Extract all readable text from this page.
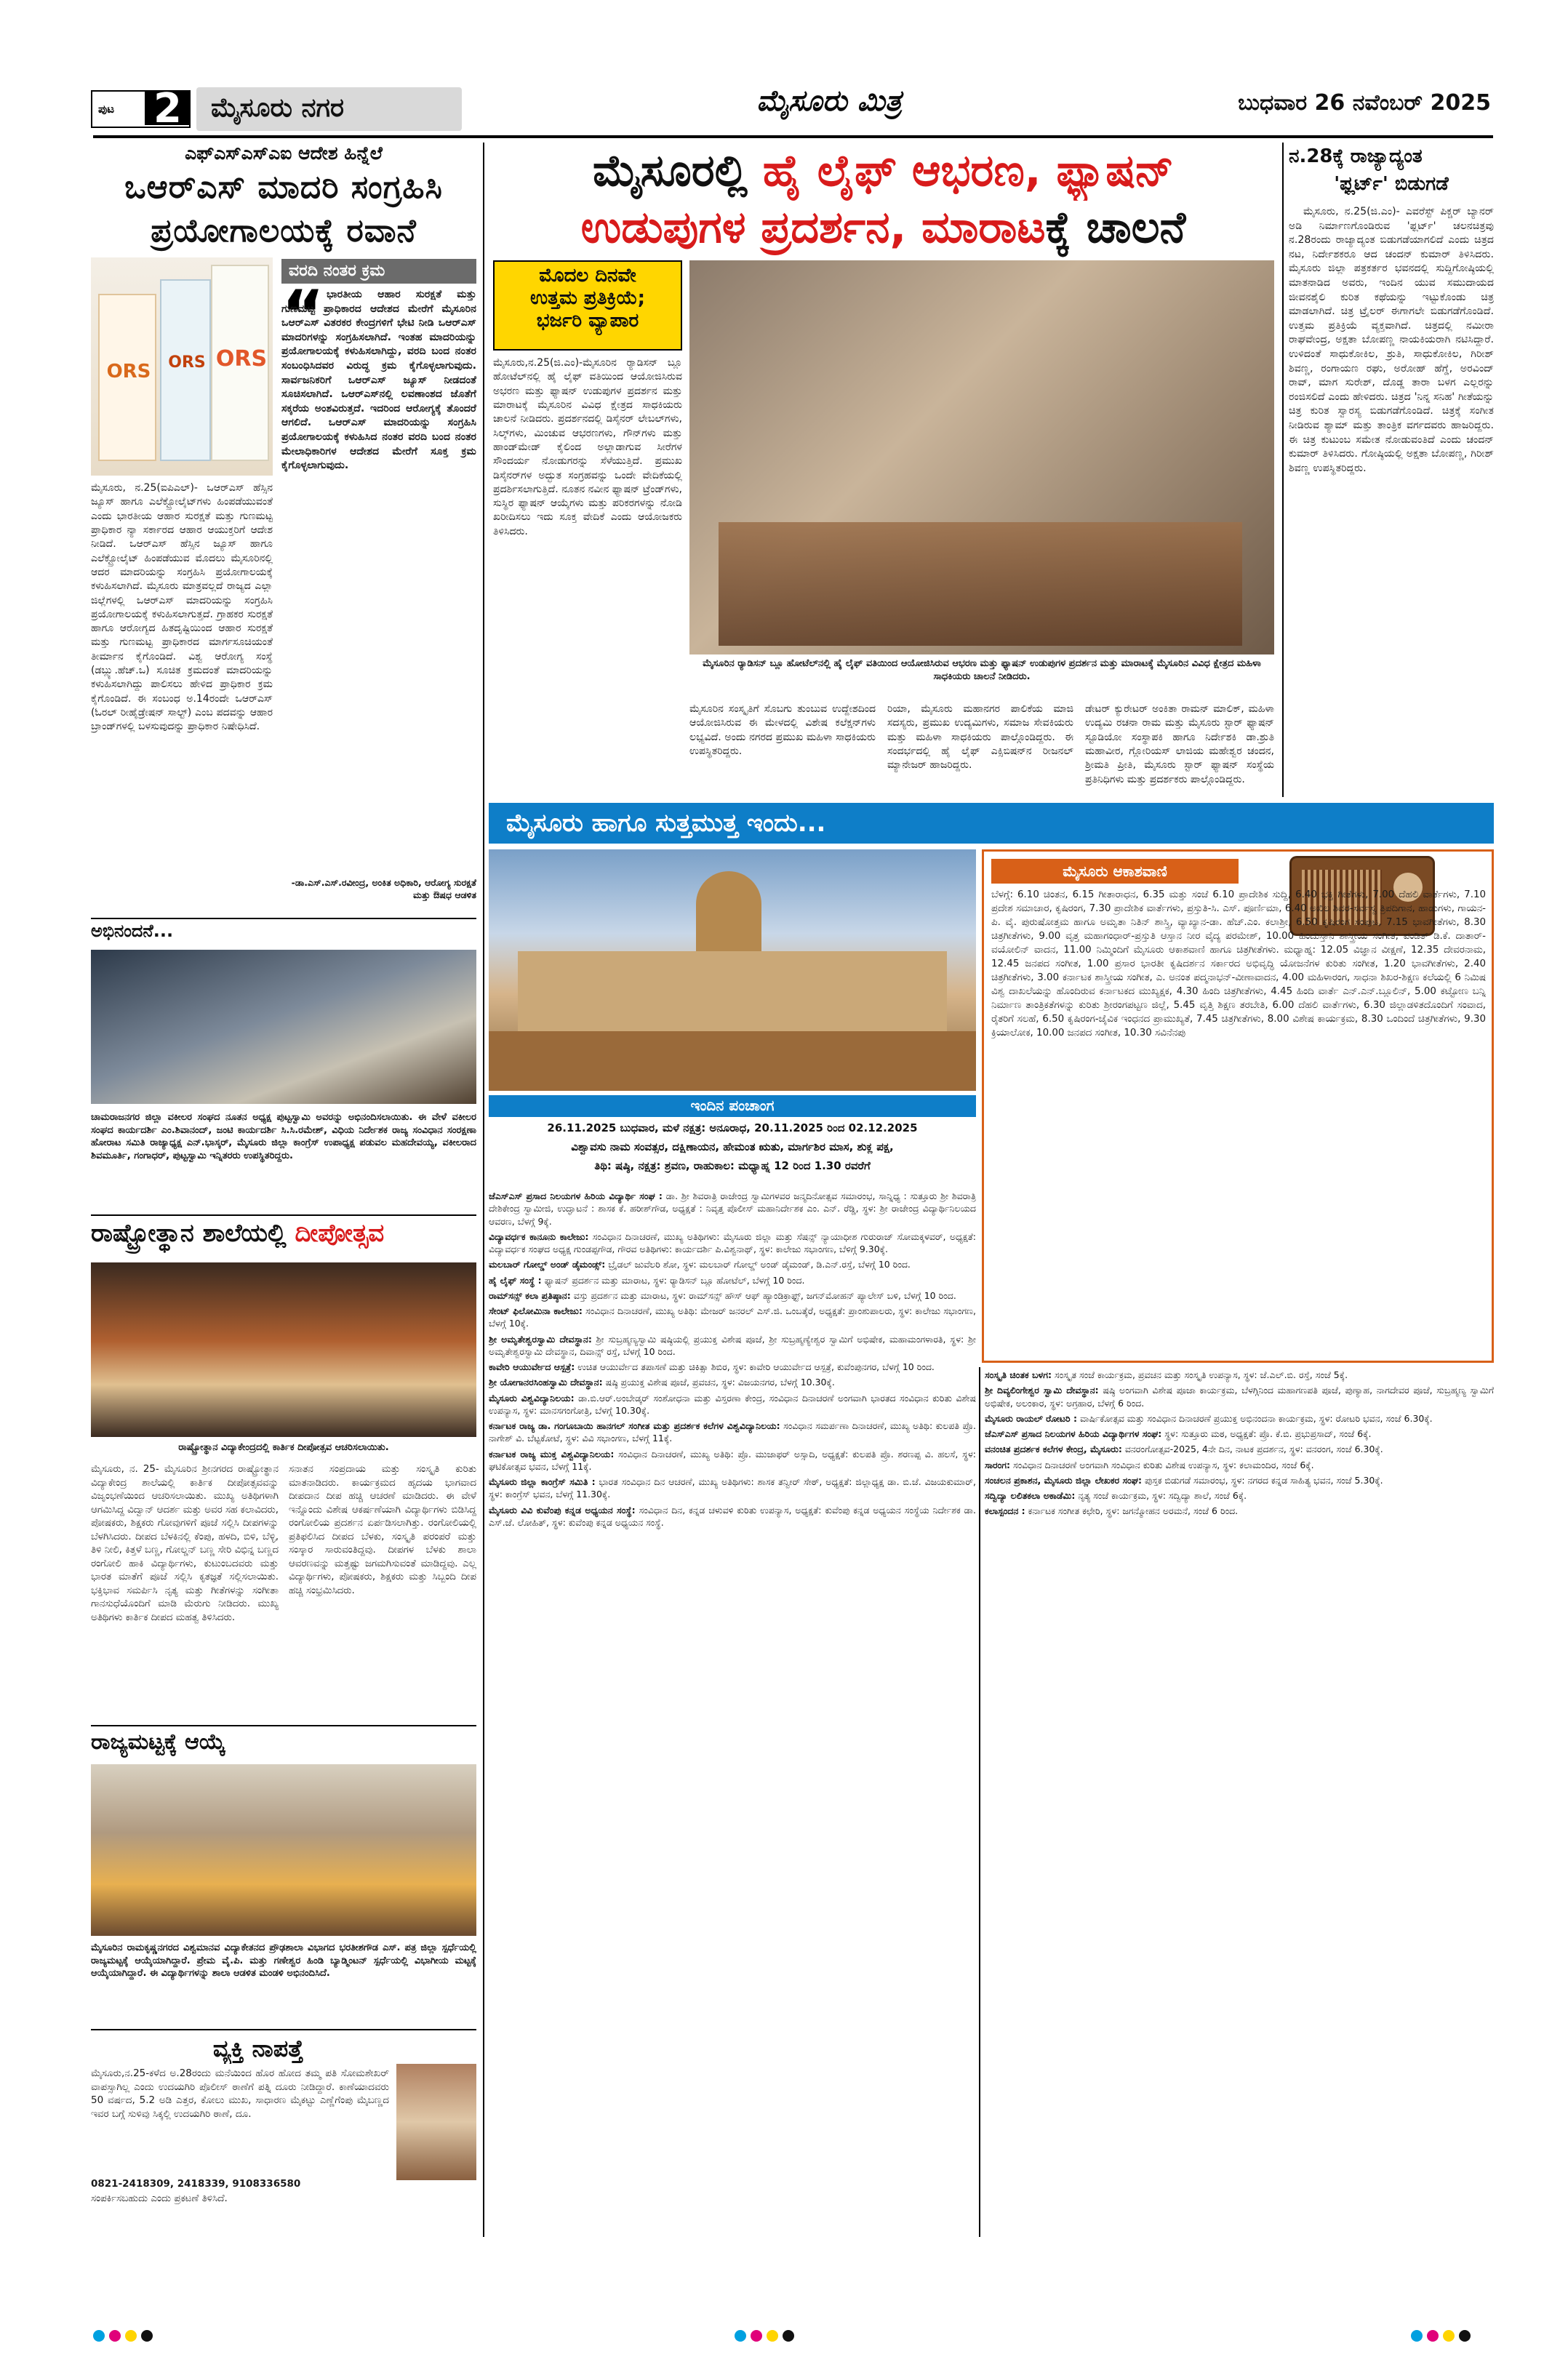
ಪುಟ 2	ಮೈಸೂರು ನಗರ	ಮೈಸೂರು ಮಿತ್ರ	ಬುಧವಾರ 26 ನವೆಂಬರ್ 2025
ಎಫ್‌ಎಸ್‌ಎಸ್‌ಎಐ ಆದೇಶ ಹಿನ್ನೆಲೆ
ಒಆರ್‌ಎಸ್ ಮಾದರಿ ಸಂಗ್ರಹಿಸಿ
ಪ್ರಯೋಗಾಲಯಕ್ಕೆ ರವಾನೆ
ORS	ORS ORS
ವರದಿ ನಂತರ ಕ್ರಮ
“ ಭಾರತೀಯ ಆಹಾರ ಸುರಕ್ಷತೆ ಮತ್ತು ಗುಣಮಟ್ಟ ಪ್ರಾಧಿಕಾರದ ಆದೇಶದ ಮೇರೆಗೆ ಮೈಸೂರಿನ ಒಆರ್‌ಎಸ್ ವಿತರಕರ ಕೇಂದ್ರಗಳಿಗೆ ಭೇಟಿ ನೀಡಿ ಒಆರ್‌ಎಸ್ ಮಾದರಿಗಳನ್ನು ಸಂಗ್ರಹಿಸಲಾಗಿದೆ. ಇಂತಹ ಮಾದರಿಯನ್ನು ಪ್ರಯೋಗಾಲಯಕ್ಕೆ ಕಳುಹಿಸಲಾಗಿದ್ದು, ವರದಿ ಬಂದ ನಂತರ ಸಂಬಂಧಿಸಿದವರ ವಿರುದ್ಧ ಕ್ರಮ ಕೈಗೊಳ್ಳಲಾಗುವುದು. ಸಾರ್ವಜನಿಕರಿಗೆ ಒಆರ್‌ಎಸ್ ಜ್ಯೂಸ್ ನೀಡದಂತೆ ಸೂಚಿಸಲಾಗಿದೆ. ಒಆರ್‌ಎಸ್‌ನಲ್ಲಿ ಲವಣಾಂಶದ ಜೊತೆಗೆ ಸಕ್ಕರೆಯ ಅಂಶವಿರುತ್ತದೆ. ಇದರಿಂದ ಆರೋಗ್ಯಕ್ಕೆ ತೊಂದರೆ ಆಗಲಿದೆ. ಒಆರ್‌ಎಸ್ ಮಾದರಿಯನ್ನು ಸಂಗ್ರಹಿಸಿ ಪ್ರಯೋಗಾಲಯಕ್ಕೆ ಕಳುಹಿಸಿದ ನಂತರ ವರದಿ ಬಂದ ನಂತರ ಮೇಲಾಧಿಕಾರಿಗಳ ಆದೇಶದ ಮೇರೆಗೆ ಸೂಕ್ತ ಕ್ರಮ ಕೈಗೊಳ್ಳಲಾಗುವುದು.
ಮೈಸೂರು, ನ.25(ಐಪಿಎಲ್)- ಒಆರ್‌ಎಸ್ ಹೆಸ್ಸಿನ ಜ್ಯೂಸ್ ಹಾಗೂ ಎಲೆಕ್ಟ್ರೋಲೈಟ್‌ಗಳು ಹಿಂಪಡೆಯುವಂತೆ ಎಂದು ಭಾರತೀಯ ಆಹಾರ ಸುರಕ್ಷತೆ ಮತ್ತು ಗುಣಮಟ್ಟ ಪ್ರಾಧಿಕಾರ ನ್ಯಾ ಸರ್ಕಾರದ ಆಹಾರ ಆಯುಕ್ತರಿಗೆ ಆದೇಶ ನೀಡಿದೆ. ಒಆರ್‌ಎಸ್ ಹೆಸ್ಸಿನ ಜ್ಯೂಸ್ ಹಾಗೂ ಎಲೆಕ್ಟ್ರೋಲೈಟ್ ಹಿಂಪಡೆಯುವ ಮೊದಲು ಮೈಸೂರಿನಲ್ಲಿ ಆದರ ಮಾದರಿಯನ್ನು ಸಂಗ್ರಹಿಸಿ ಪ್ರಯೋಗಾಲಯಕ್ಕೆ ಕಳುಹಿಸಲಾಗಿದೆ. ಮೈಸೂರು ಮಾತ್ರವಲ್ಲದೆ ರಾಜ್ಯದ ಎಲ್ಲಾ ಜಿಲ್ಲೆಗಳಲ್ಲಿ ಒಆರ್‌ಎಸ್ ಮಾದರಿಯನ್ನು ಸಂಗ್ರಹಿಸಿ ಪ್ರಯೋಗಾಲಯಕ್ಕೆ ಕಳುಹಿಸಲಾಗುತ್ತದೆ. ಗ್ರಾಹಕರ ಸುರಕ್ಷತೆ ಹಾಗೂ ಆರೋಗ್ಯದ ಹಿತದೃಷ್ಟಿಯಿಂದ ಆಹಾರ ಸುರಕ್ಷತೆ ಮತ್ತು ಗುಣಮಟ್ಟ ಪ್ರಾಧಿಕಾರದ ಮಾರ್ಗಸೂಚಿಯಂತೆ ತೀರ್ಮಾನ ಕೈಗೊಂಡಿದೆ. ವಿಶ್ವ ಆರೋಗ್ಯ ಸಂಸ್ಥೆ (ಡಬ್ಲ್ಯು.ಹೆಚ್.ಒ) ಸೂಚಿತ ಕ್ರಮದಂತೆ ಮಾದರಿಯನ್ನು ಕಳುಹಿಸಲಾಗಿದ್ದು ಪಾಲಿಸಲು ಹೇಳಿದ ಪ್ರಾಧಿಕಾರ ಕ್ರಮ ಕೈಗೊಂಡಿದೆ. ಈ ಸಂಬಂಧ ಅ.14ರಂದೇ ಒಆರ್‌ಎಸ್ (ಓರಲ್ ರೀಹೈಡ್ರೇಷನ್ ಸಾಲ್ಟ್) ಎಂಬ ಪದವನ್ನು ಆಹಾರ ಬ್ರಾಂಡ್‌ಗಳಲ್ಲಿ ಬಳಸುವುದನ್ನು ಪ್ರಾಧಿಕಾರ ನಿಷೇಧಿಸಿದೆ.
-ಡಾ.ಎಸ್.ಎಸ್.ರವೀಂದ್ರ, ಅಂಕಿತ ಅಧಿಕಾರಿ, ಆರೋಗ್ಯ ಸುರಕ್ಷತೆ ಮತ್ತು ಔಷಧ ಆಡಳಿತ
ಅಭಿನಂದನೆ...
ಚಾಮರಾಜನಗರ ಜಿಲ್ಲಾ ವಕೀಲರ ಸಂಘದ ನೂತನ ಅಧ್ಯಕ್ಷ ಪುಟ್ಟಸ್ವಾಮಿ ಅವರನ್ನು ಅಭಿನಂದಿಸಲಾಯಿತು. ಈ ವೇಳೆ ವಕೀಲರ ಸಂಘದ ಕಾರ್ಯದರ್ಶಿ ಎಂ.ಶಿವಾನಂದ್, ಜಂಟಿ ಕಾರ್ಯದರ್ಶಿ ಸಿ.ಸಿ.ರಮೇಶ್, ವಿಧಿಯ ನಿರ್ದೇಶಕ ರಾಜ್ಯ ಸಂವಿಧಾನ ಸಂರಕ್ಷಣಾ ಹೋರಾಟ ಸಮಿತಿ ರಾಜ್ಯಾಧ್ಯಕ್ಷ ಎನ್.ಭಾಸ್ಕರ್, ಮೈಸೂರು ಜಿಲ್ಲಾ ಕಾಂಗ್ರೆಸ್ ಉಪಾಧ್ಯಕ್ಷ ಪಡುವಲ ಮಹದೇವಯ್ಯ, ವಕೀಲರಾದ ಶಿವಮೂರ್ತಿ, ಗಂಗಾಧರ್, ಪುಟ್ಟಸ್ವಾಮಿ ಇನ್ನಿತರರು ಉಪಸ್ಥಿತರಿದ್ದರು.
ರಾಷ್ಟ್ರೋತ್ಥಾನ ಶಾಲೆಯಲ್ಲಿ ದೀಪೋತ್ಸವ
ರಾಷ್ಟ್ರೋತ್ಥಾನ ವಿದ್ಯಾಕೇಂದ್ರದಲ್ಲಿ ಕಾರ್ತಿಕ ದೀಪೋತ್ಸವ ಆಚರಿಸಲಾಯಿತು.
ಮೈಸೂರು, ನ. 25- ಮೈಸೂರಿನ ಶ್ರೀನಗರದ ರಾಷ್ಟ್ರೋತ್ಥಾನ ವಿದ್ಯಾಕೇಂದ್ರ ಶಾಲೆಯಲ್ಲಿ ಕಾರ್ತಿಕ ದೀಪೋತ್ಸವವನ್ನು ವಿಜೃಂಭಣೆಯಿಂದ ಆಚರಿಸಲಾಯಿತು. ಮುಖ್ಯ ಅತಿಥಿಗಳಾಗಿ ಆಗಮಿಸಿದ್ದ ವಿದ್ವಾನ್ ಆದರ್ಶ ಮತ್ತು ಅವರ ಸಹ ಕಲಾವಿದರು, ಪೋಷಕರು, ಶಿಕ್ಷಕರು ಗೋವುಗಳಿಗೆ ಪೂಜೆ ಸಲ್ಲಿಸಿ ದೀಪಗಳನ್ನು ಬೆಳಗಿಸಿದರು. ದೀಪದ ಬೆಳಕಿನಲ್ಲಿ ಕೆಂಪು, ಹಳದಿ, ಬಿಳಿ, ಬೆಳ್ಳಿ, ತಿಳಿ ನೀಲಿ, ಕಿತ್ತಳೆ ಬಣ್ಣ, ಗೋಲ್ಡನ್ ಬಣ್ಣ ಸೇರಿ ವಿಭಿನ್ನ ಬಣ್ಣದ ರಂಗೋಲಿ ಹಾಕಿ ವಿದ್ಯಾರ್ಥಿಗಳು, ಕುಟುಂಬದವರು ಮತ್ತು ಭಾರತ ಮಾತೆಗೆ ಪೂಜೆ ಸಲ್ಲಿಸಿ ಕೃತಜ್ಞತೆ ಸಲ್ಲಿಸಲಾಯಿತು. ಭಕ್ತಿಭಾವ ಸಮರ್ಪಿಸಿ ನೃತ್ಯ ಮತ್ತು ಗೀತೆಗಳನ್ನು ಸಂಗೀತಾ ಗಾನಸುಧೆಯೊಂದಿಗೆ ಮಾಡಿ ಮೆರುಗು ನೀಡಿದರು. ಮುಖ್ಯ ಅತಿಥಿಗಳು ಕಾರ್ತಿಕ ದೀಪದ ಮಹತ್ವ ತಿಳಿಸಿದರು.
ಸನಾತನ ಸಂಪ್ರದಾಯ ಮತ್ತು ಸಂಸ್ಕೃತಿ ಕುರಿತು ಮಾತನಾಡಿದರು. ಕಾರ್ಯಕ್ರಮದ ಹೃದಯ ಭಾಗವಾದ ದೀಪದಾನ ದೀಪ ಹಚ್ಚಿ ಆಚರಣೆ ಮಾಡಿದರು. ಈ ವೇಳೆ ಇನ್ನೊಂದು ವಿಶೇಷ ಆಕರ್ಷಣೆಯಾಗಿ ವಿದ್ಯಾರ್ಥಿಗಳು ಬಿಡಿಸಿದ್ದ ರಂಗೋಲಿಯ ಪ್ರದರ್ಶನ ಏರ್ಪಡಿಸಲಾಗಿತ್ತು. ರಂಗೋಲಿಯಲ್ಲಿ ಪ್ರತಿಫಲಿಸಿದ ದೀಪದ ಬೆಳಕು, ಸಂಸ್ಕೃತಿ ಪರಂಪರೆ ಮತ್ತು ಸಂಸ್ಕಾರ ಸಾರುವಂತಿದ್ದವು. ದೀಪಗಳ ಬೆಳಕು ಶಾಲಾ ಆವರಣವನ್ನು ಮತ್ತಷ್ಟು ಜಗಮಗಿಸುವಂತೆ ಮಾಡಿದ್ದವು. ಎಲ್ಲ ವಿದ್ಯಾರ್ಥಿಗಳು, ಪೋಷಕರು, ಶಿಕ್ಷಕರು ಮತ್ತು ಸಿಬ್ಬಂದಿ ದೀಪ ಹಚ್ಚಿ ಸಂಭ್ರಮಿಸಿದರು.
ರಾಜ್ಯಮಟ್ಟಕ್ಕೆ ಆಯ್ಕೆ
ಮೈಸೂರಿನ ರಾಮಕೃಷ್ಣನಗರದ ವಿಶ್ವಮಾನವ ವಿದ್ಯಾಕೇತನದ ಪ್ರೌಢಶಾಲಾ ವಿಭಾಗದ ಭರತೀಶಗೌಡ ಎಸ್. ಪತ್ರ ಜಿಲ್ಲಾ ಸ್ಪರ್ಧೆಯಲ್ಲಿ ರಾಜ್ಯಮಟ್ಟಕ್ಕೆ ಆಯ್ಕೆಯಾಗಿದ್ದಾರೆ. ಪ್ರೇಮ ವೈ.ಪಿ. ಮತ್ತು ಗಣೇಶ್ವರ ಹಿಂಡಿ ಬ್ಯಾಡ್ಮಿಂಟನ್ ಸ್ಪರ್ಧೆಯಲ್ಲಿ ವಿಭಾಗೀಯ ಮಟ್ಟಕ್ಕೆ ಆಯ್ಕೆಯಾಗಿದ್ದಾರೆ. ಈ ವಿದ್ಯಾರ್ಥಿಗಳನ್ನು ಶಾಲಾ ಆಡಳಿತ ಮಂಡಳಿ ಅಭಿನಂದಿಸಿದೆ.
ವ್ಯಕ್ತಿ ನಾಪತ್ತೆ
ಮೈಸೂರು,ನ.25-ಕಳೆದ ಅ.28ರಂದು ಮನೆಯಿಂದ ಹೊರ ಹೋದ ತಮ್ಮ ಪತಿ ಸೋಮಶೇಖರ್ ವಾಪಸ್ಸಾಗಿಲ್ಲ ಎಂದು ಉದಯಗಿರಿ ಪೊಲೀಸ್ ಠಾಣೆಗೆ ಪತ್ನಿ ದೂರು ನೀಡಿದ್ದಾರೆ. ಕಾಣೆಯಾದವರು 50 ವರ್ಷದ, 5.2 ಅಡಿ ಎತ್ತರ, ಕೋಲು ಮುಖ, ಸಾಧಾರಣ ಮೈಕಟ್ಟು ಎಣ್ಣೆಗೆಂಪು ಮೈಬಣ್ಣದ ಇವರ ಬಗ್ಗೆ ಸುಳಿವು ಸಿಕ್ಕಲ್ಲಿ ಉದಯಗಿರಿ ಠಾಣೆ, ದೂ.
0821-2418309, 2418339, 9108336580
ಸಂಪರ್ಕಿಸಬಹುದು ಎಂದು ಪ್ರಕಟಣೆ ತಿಳಿಸಿದೆ.
ಮೈಸೂರಲ್ಲಿ ಹೈ ಲೈಫ್ ಆಭರಣ, ಫ್ಯಾಷನ್
ಉಡುಪುಗಳ ಪ್ರದರ್ಶನ, ಮಾರಾಟಕ್ಕೆ ಚಾಲನೆ
ಮೊದಲ ದಿನವೇ
ಉತ್ತಮ ಪ್ರತಿಕ್ರಿಯೆ;
ಭರ್ಜರಿ ವ್ಯಾಪಾರ
ಮೈಸೂರು,ನ.25(ಜಿ.ಎಂ)-ಮೈಸೂರಿನ ರ‍್ಯಾಡಿಸನ್ ಬ್ಲೂ ಹೋಟೆಲ್‌ನಲ್ಲಿ ಹೈ ಲೈಫ್ ವತಿಯಿಂದ ಆಯೋಜಿಸಿರುವ ಅಭರಣ ಮತ್ತು ಫ್ಯಾಷನ್ ಉಡುಪುಗಳ ಪ್ರದರ್ಶನ ಮತ್ತು ಮಾರಾಟಕ್ಕೆ ಮೈಸೂರಿನ ವಿವಿಧ ಕ್ಷೇತ್ರದ ಸಾಧಕಿಯರು ಚಾಲನೆ ನೀಡಿದರು. ಪ್ರದರ್ಶನದಲ್ಲಿ ಡಿಸೈನರ್ ಲೇಬಲ್‌ಗಳು, ಸಿಲ್ಕ್‌ಗಳು, ಮಿಂಚುವ ಆಭರಣಗಳು, ಗೌನ್‌ಗಳು ಮತ್ತು ಹಾಂಡ್‌ಮೇಡ್ ಕೈಲಿಂದ ಅಲ್ಲಾಡಾಗುವ ಸೀರೆಗಳ ಸೌಂದರ್ಯ ನೋಡುಗರನ್ನು ಸೆಳೆಯುತ್ತಿದೆ. ಪ್ರಮುಖ ಡಿಸೈನರ್‌ಗಳ ಅದ್ಭುತ ಸಂಗ್ರಹವನ್ನು ಒಂದೇ ವೇದಿಕೆಯಲ್ಲಿ ಪ್ರದರ್ಶಿಸಲಾಗುತ್ತಿದೆ. ನೂತನ ನವೀನ ಫ್ಯಾಷನ್ ಟ್ರೆಂಡ್‌ಗಳು, ಸುಸ್ಥಿರ ಫ್ಯಾಷನ್ ಆಯ್ಕೆಗಳು ಮತ್ತು ಪರಿಕರಗಳನ್ನು ನೋಡಿ ಖರೀದಿಸಲು ಇದು ಸೂಕ್ತ ವೇದಿಕೆ ಎಂದು ಆಯೋಜಕರು ತಿಳಿಸಿದರು.
ಮೈಸೂರಿನ ರ‍್ಯಾಡಿಸನ್ ಬ್ಲೂ ಹೋಟೆಲ್‌ನಲ್ಲಿ ಹೈ ಲೈಫ್ ವತಿಯಿಂದ ಆಯೋಜಿಸಿರುವ ಆಭರಣ ಮತ್ತು ಫ್ಯಾಷನ್ ಉಡುಪುಗಳ ಪ್ರದರ್ಶನ ಮತ್ತು ಮಾರಾಟಕ್ಕೆ ಮೈಸೂರಿನ ವಿವಿಧ ಕ್ಷೇತ್ರದ ಮಹಿಳಾ ಸಾಧಕಿಯರು ಚಾಲನೆ ನೀಡಿದರು.
ಮೈಸೂರಿನ ಸಂಸ್ಕೃತಿಗೆ ಸೊಬಗು ತುಂಬುವ ಉದ್ದೇಶದಿಂದ ಆಯೋಜಿಸಿರುವ ಈ ಮೇಳದಲ್ಲಿ ವಿಶೇಷ ಕಲೆಕ್ಷನ್‌ಗಳು ಲಭ್ಯವಿದೆ. ಅಂದು ನಗರದ ಪ್ರಮುಖ ಮಹಿಳಾ ಸಾಧಕಿಯರು ಉಪಸ್ಥಿತರಿದ್ದರು.
ರಿಯಾ, ಮೈಸೂರು ಮಹಾನಗರ ಪಾಲಿಕೆಯ ಮಾಜಿ ಸದಸ್ಯರು, ಪ್ರಮುಖ ಉದ್ಯಮಿಗಳು, ಸಮಾಜ ಸೇವಕಿಯರು ಮತ್ತು ಮಹಿಳಾ ಸಾಧಕಿಯರು ಪಾಲ್ಗೊಂಡಿದ್ದರು. ಈ ಸಂದರ್ಭದಲ್ಲಿ ಹೈ ಲೈಫ್ ಎಕ್ಸಿಬಿಷನ್‌ನ ರೀಜನಲ್ ಮ್ಯಾನೇಜರ್ ಹಾಜರಿದ್ದರು.
ಡೇಟರ್ ಕ್ಯುರೇಟರ್ ಅಂಕಿತಾ ರಾಮನ್ ಮಾಲಿಕ್, ಮಹಿಳಾ ಉದ್ಯಮಿ ರಚನಾ ರಾಮ ಮತ್ತು ಮೈಸೂರು ಸ್ಟಾರ್ ಫ್ಯಾಷನ್ ಸ್ಟೂಡಿಯೋ ಸಂಸ್ಥಾಪಕಿ ಹಾಗೂ ನಿರ್ದೇಶಕಿ ಡಾ.ಶ್ರುತಿ ಮಹಾವೀರ, ಗ್ಲೋರಿಯಸ್ ಲಾಜಿಯ ಮಹೇಶ್ವರ ಚಂದನ, ಶ್ರೀಮತಿ ಪ್ರೀತಿ, ಮೈಸೂರು ಸ್ಟಾರ್ ಫ್ಯಾಷನ್ ಸಂಸ್ಥೆಯ ಪ್ರತಿನಿಧಿಗಳು ಮತ್ತು ಪ್ರದರ್ಶಕರು ಪಾಲ್ಗೊಂಡಿದ್ದರು.
ನ.28ಕ್ಕೆ ರಾಜ್ಯಾದ್ಯಂತ
'ಫ್ಲರ್ಟ್' ಬಿಡುಗಡೆ
ಮೈಸೂರು, ನ.25(ಜಿ.ಎಂ)- ಎವರೆಸ್ಟ್ ಪಿಕ್ಚರ್ ಬ್ಯಾನರ್ ಅಡಿ ನಿರ್ಮಾಣಗೊಂಡಿರುವ 'ಫ್ಲರ್ಟ್' ಚಲನಚಿತ್ರವು ನ.28ರಂದು ರಾಜ್ಯಾದ್ಯಂತ ಬಿಡುಗಡೆಯಾಗಲಿದೆ ಎಂದು ಚಿತ್ರದ ನಟ, ನಿರ್ದೇಶಕರೂ ಆದ ಚಂದನ್ ಕುಮಾರ್ ತಿಳಿಸಿದರು. ಮೈಸೂರು ಜಿಲ್ಲಾ ಪತ್ರಕರ್ತರ ಭವನದಲ್ಲಿ ಸುದ್ದಿಗೋಷ್ಠಿಯಲ್ಲಿ ಮಾತನಾಡಿದ ಅವರು, ಇಂದಿನ ಯುವ ಸಮುದಾಯದ ಜೀವನಶೈಲಿ ಕುರಿತ ಕಥೆಯನ್ನು ಇಟ್ಟುಕೊಂಡು ಚಿತ್ರ ಮಾಡಲಾಗಿದೆ. ಚಿತ್ರ ಟ್ರೈಲರ್ ಈಗಾಗಲೇ ಬಿಡುಗಡೆಗೊಂಡಿದೆ. ಉತ್ತಮ ಪ್ರತಿಕ್ರಿಯೆ ವ್ಯಕ್ತವಾಗಿದೆ. ಚಿತ್ರದಲ್ಲಿ ನಮೀರಾ ರಾಘವೇಂದ್ರ, ಅಕ್ಷತಾ ಬೋಪಣ್ಣ ನಾಯಕಿಯರಾಗಿ ನಟಿಸಿದ್ದಾರೆ. ಉಳಿದಂತೆ ಸಾಧುಕೋಕಿಲ, ಶ್ರುತಿ, ಸಾಧುಕೋಕಿಲ, ಗಿರೀಶ್ ಶಿವಣ್ಣ, ರಂಗಾಯಣ ರಘು, ಅರೋಹ್ ಹೆಗ್ಡೆ, ಅರವಿಂದ್ ರಾವ್, ಮಾಗ ಸುರೇಶ್, ದೊಡ್ಡ ತಾರಾ ಬಳಗ ಎಲ್ಲರನ್ನು ರಂಜಿಸಲಿದೆ ಎಂದು ಹೇಳಿದರು. ಚಿತ್ರದ 'ನಿನ್ನ ಸನಿಹ' ಗೀತೆಯನ್ನು ಚಿತ್ರ ಕುರಿತ ಸ್ವಾರಸ್ಯ ಬಿಡುಗಡೆಗೊಂಡಿದೆ. ಚಿತ್ರಕ್ಕೆ ಸಂಗೀತ ನೀಡಿರುವ ಶ್ಯಾಮ್ ಮತ್ತು ತಾಂತ್ರಿಕ ವರ್ಗದವರು ಹಾಜರಿದ್ದರು. ಈ ಚಿತ್ರ ಕುಟುಂಬ ಸಮೇತ ನೋಡುವಂತಿದೆ ಎಂದು ಚಂದನ್ ಕುಮಾರ್ ತಿಳಿಸಿದರು. ಗೋಷ್ಠಿಯಲ್ಲಿ ಅಕ್ಷತಾ ಬೋಪಣ್ಣ, ಗಿರೀಶ್ ಶಿವಣ್ಣ ಉಪಸ್ಥಿತರಿದ್ದರು.
ಮೈಸೂರು ಹಾಗೂ ಸುತ್ತಮುತ್ತ ಇಂದು...
ಇಂದಿನ ಪಂಚಾಂಗ
26.11.2025 ಬುಧವಾರ, ಮಳೆ ನಕ್ಷತ್ರ: ಅನೂರಾಧ, 20.11.2025 ರಿಂದ 02.12.2025
ವಿಶ್ವಾವಸು ನಾಮ ಸಂವತ್ಸರ, ದಕ್ಷಿಣಾಯನ, ಹೇಮಂತ ಋತು, ಮಾರ್ಗಶಿರ ಮಾಸ, ಶುಕ್ಲ ಪಕ್ಷ,
ತಿಥಿ: ಷಷ್ಠಿ, ನಕ್ಷತ್ರ: ಶ್ರವಣ, ರಾಹುಕಾಲ: ಮಧ್ಯಾಹ್ನ 12 ರಿಂದ 1.30 ರವರೆಗೆ
ಮೈಸೂರು ಆಕಾಶವಾಣಿ
ಬೆಳಗ್ಗೆ: 6.10 ಚಿಂತನ, 6.15 ಗೀತಾರಾಧನ, 6.35 ಮತ್ತು ಸಂಜೆ 6.10 ಪ್ರಾದೇಶಿಕ ಸುದ್ದಿ, 6.40 ಭಕ್ತಿ ಗೀತೆಗಳು, 7.00 ದೆಹಲಿ ವಾರ್ತೆಗಳು, 7.10 ಪ್ರದೇಶ ಸಮಾಚಾರ, ಕೃಷಿರಂಗ, 7.30 ಪ್ರಾದೇಶಿಕ ವಾರ್ತೆಗಳು, ಪ್ರಸ್ತುತಿ-ಸಿ. ಎಸ್. ಪೂರ್ಣಿಮಾ, 6.40 ಅಖಿಲ ಶಿವರ-ಸರ್ವಸ್ವ ತ್ರಿಪದಿಗಾನ, ಹಾಡುಗಳು, ಗಾಯನ-ಪಿ. ವೈ. ಪುರುಷೋತ್ತಮ ಹಾಗೂ ಅಮೃತಾ ನಿತಿನ್ ಶಾಸ್ತ್ರಿ, ವ್ಯಾಖ್ಯಾನ-ಡಾ. ಹೆಚ್.ಎಂ. ಕಲಾಶ್ರೀ, 6.50 ಕೃಷಿರಂಗ ಸಂಪುಟ, 7.15 ಭಾವಗೀತೆಗಳು, 8.30 ಚಿತ್ರಗೀತೆಗಳು, 9.00 ವೃತ್ತ ಮಹಾಗಂಧಾರ್-ಪ್ರಸ್ತುತಿ ಆಸ್ತಾನ ನೀರ ವೈದ್ಯ ಪರಮೇಶ್, 10.00 ಹಿಂದುಸ್ತಾನಿ ಶಾಸ್ತ್ರೀಯ ಸಂಗೀತ, ಪಂಡಿತ್ ಡಿ.ಕೆ. ದಾತಾರ್-ವಯೋಲಿನ್ ವಾದನ, 11.00 ನಿಮ್ಮಿಂದಿಗೆ ಮೈಸೂರು ಆಕಾಶವಾಣಿ ಹಾಗೂ ಚಿತ್ರಗೀತೆಗಳು. ಮಧ್ಯಾಹ್ನ: 12.05 ವಿಜ್ಞಾನ ವೀಕ್ಷಣೆ, 12.35 ದೇವರನಾಮ, 12.45 ಜನಪದ ಸಂಗೀತ, 1.00 ಪ್ರಸಾರ ಭಾರತೀ ಕೃಷಿದರ್ಶನ ಸರ್ಕಾರದ ಅಭಿವೃದ್ಧಿ ಯೋಜನೆಗಳ ಕುರಿತು ಸಂಗೀತ, 1.20 ಭಾವಗೀತೆಗಳು, 2.40 ಚಿತ್ರಗೀತೆಗಳು, 3.00 ಕರ್ನಾಟಕ ಶಾಸ್ತ್ರೀಯ ಸಂಗೀತ, ಎ. ಅನಂತ ಪದ್ಮನಾಭನ್-ವೀಣಾವಾದನ, 4.00 ಮಹಿಳಾರಂಗ, ಸಾಧನಾ ಶಿಖರ-ಶಿಕ್ಷಣ ಕಲೆಯಲ್ಲಿ 6 ನಿಮಿಷ ವಿಶ್ವ ದಾಖಲೆಯನ್ನು ಹೊಂದಿರುವ ಕರ್ನಾಟಕದ ಮುಖ್ಯಕ್ಷಕ, 4.30 ಹಿಂದಿ ಚಿತ್ರಗೀತೆಗಳು, 4.45 ಹಿಂದಿ ವಾರ್ತೆ ಎನ್.ಎನ್.ಬ್ಲೂಲಿನ್, 5.00 ಕಟ್ಟೋಣ ಬನ್ನಿ ನಿರ್ಮಾಣ ತಾಂತ್ರಿಕತೆಗಳನ್ನು ಕುರಿತು ಶ್ರೀರಂಗಪಟ್ಟಣ ಜಿಲ್ಲೆ, 5.45 ವೃತ್ತಿ ಶಿಕ್ಷಣ ತರಬೇತಿ, 6.00 ದೆಹಲಿ ವಾರ್ತೆಗಳು, 6.30 ಜಿಲ್ಲಾಡಳಿತದೊಂದಿಗೆ ಸಂವಾದ, ರೈತರಿಗೆ ಸಲಹೆ, 6.50 ಕೃಷಿರಂಗ-ಜೈವಿಕ ಇಂಧನದ ಪ್ರಾಮುಖ್ಯತೆ, 7.45 ಚಿತ್ರಗೀತೆಗಳು, 8.00 ವಿಶೇಷ ಕಾರ್ಯಕ್ರಮ, 8.30 ಒಂದಿಂದೆ ಚಿತ್ರಗೀತೆಗಳು, 9.30 ಕ್ರಿಯಾಲೋಕ, 10.00 ಜನಪದ ಸಂಗೀತ, 10.30 ಸವಿನೆನಪು
ಜೆಎಸ್‌ಎಸ್ ಪ್ರಸಾದ ನಿಲಯಗಳ ಹಿರಿಯ ವಿದ್ಯಾರ್ಥಿ ಸಂಘ : ಡಾ. ಶ್ರೀ ಶಿವರಾತ್ರಿ ರಾಜೇಂದ್ರ ಸ್ವಾಮಿಗಳವರ ಜನ್ಮದಿನೋತ್ಸವ ಸಮಾರಂಭ, ಸಾನ್ನಿಧ್ಯ : ಸುತ್ತೂರು ಶ್ರೀ ಶಿವರಾತ್ರಿ ದೇಶಿಕೇಂದ್ರ ಸ್ವಾಮೀಜಿ, ಉದ್ಘಾಟನೆ : ಶಾಸಕ ಕೆ. ಹರೀಶ್‌ಗೌಡ, ಅಧ್ಯಕ್ಷತೆ : ನಿವೃತ್ತ ಪೊಲೀಸ್ ಮಹಾನಿರ್ದೇಶಕ ಎಂ. ಎನ್. ರೆಡ್ಡಿ, ಸ್ಥಳ: ಶ್ರೀ ರಾಜೇಂದ್ರ ವಿದ್ಯಾರ್ಥಿನಿಲಯದ ಆವರಣ, ಬೆಳಗ್ಗೆ 9ಕ್ಕೆ.
ವಿದ್ಯಾವರ್ಧಕ ಕಾನೂನು ಕಾಲೇಜು: ಸಂವಿಧಾನ ದಿನಾಚರಣೆ, ಮುಖ್ಯ ಅತಿಥಿಗಳು: ಮೈಸೂರು ಜಿಲ್ಲಾ ಮತ್ತು ಸೆಷನ್ಸ್ ನ್ಯಾಯಾಧೀಶ ಗುರುರಾಜ್ ಸೋಮಕ್ಕಳವರ್, ಅಧ್ಯಕ್ಷತೆ: ವಿದ್ಯಾವರ್ಧಕ ಸಂಘದ ಅಧ್ಯಕ್ಷ ಗುಂಡಪ್ಪಗೌಡ, ಗೌರವ ಅತಿಥಿಗಳು: ಕಾರ್ಯದರ್ಶಿ ಪಿ.ವಿಶ್ವನಾಥ್, ಸ್ಥಳ: ಕಾಲೇಜು ಸಭಾಂಗಣ, ಬೆಳಿಗ್ಗೆ 9.30ಕ್ಕೆ.
ಮಲಬಾರ್ ಗೋಲ್ಡ್ ಅಂಡ್ ಡೈಮಂಡ್ಸ್: ಬ್ರೈಡಲ್ ಜುವೆಲರಿ ಶೋ, ಸ್ಥಳ: ಮಲಬಾರ್ ಗೋಲ್ಡ್ ಅಂಡ್ ಡೈಮಂಡ್, ಡಿ.ಎನ್.ರಸ್ತೆ, ಬೆಳಗ್ಗೆ 10 ರಿಂದ.
ಹೈ ಲೈಫ್ ಸಂಸ್ಥೆ : ಫ್ಯಾಷನ್ ಪ್ರದರ್ಶನ ಮತ್ತು ಮಾರಾಟ, ಸ್ಥಳ: ರ‍್ಯಾಡಿಸನ್ ಬ್ಲೂ ಹೋಟೆಲ್, ಬೆಳಗ್ಗೆ 10 ರಿಂದ.
ರಾಮ್‌ಸನ್ಸ್ ಕಲಾ ಪ್ರತಿಷ್ಠಾನ: ವಸ್ತು ಪ್ರದರ್ಶನ ಮತ್ತು ಮಾರಾಟ, ಸ್ಥಳ: ರಾಮ್‌ಸನ್ಸ್ ಹೌಸ್ ಆಫ್ ಹ್ಯಾಂಡಿಕ್ರಾಫ್ಟ್, ಜಗನ್‌ಮೋಹನ್ ಪ್ಯಾಲೇಸ್ ಬಳಿ, ಬೆಳಗ್ಗೆ 10 ರಿಂದ.
ಸೇಂಟ್ ಫಿಲೋಮಿನಾ ಕಾಲೇಜು: ಸಂವಿಧಾನ ದಿನಾಚರಣೆ, ಮುಖ್ಯ ಅತಿಥಿ: ಮೇಜರ್ ಜನರಲ್ ಎಸ್.ಜಿ. ಒಂಬತ್ಕೆರೆ, ಅಧ್ಯಕ್ಷತೆ: ಪ್ರಾಂಶುಪಾಲರು, ಸ್ಥಳ: ಕಾಲೇಜು ಸಭಾಂಗಣ, ಬೆಳಗ್ಗೆ 10ಕ್ಕೆ.
ಶ್ರೀ ಅಮೃತೇಶ್ವರಸ್ವಾಮಿ ದೇವಸ್ಥಾನ: ಶ್ರೀ ಸುಬ್ರಹ್ಮಣ್ಯಸ್ವಾಮಿ ಷಷ್ಠಿಯಲ್ಲಿ ಪ್ರಯುಕ್ತ ವಿಶೇಷ ಪೂಜೆ, ಶ್ರೀ ಸುಬ್ರಹ್ಮಣ್ಯೇಶ್ವರ ಸ್ವಾಮಿಗೆ ಅಭಿಷೇಕ, ಮಹಾಮಂಗಳಾರತಿ, ಸ್ಥಳ: ಶ್ರೀ ಅಮೃತೇಶ್ವರಸ್ವಾಮಿ ದೇವಸ್ಥಾನ, ದಿವಾನ್ಸ್ ರಸ್ತೆ, ಬೆಳಗ್ಗೆ 10 ರಿಂದ.
ಕಾವೇರಿ ಆಯುರ್ವೇದ ಆಸ್ಪತ್ರೆ: ಉಚಿತ ಆಯುರ್ವೇದ ತಪಾಸಣೆ ಮತ್ತು ಚಿಕಿತ್ಸಾ ಶಿಬಿರ, ಸ್ಥಳ: ಕಾವೇರಿ ಆಯುರ್ವೇದ ಆಸ್ಪತ್ರೆ, ಕುವೆಂಪುನಗರ, ಬೆಳಗ್ಗೆ 10 ರಿಂದ.
ಶ್ರೀ ಯೋಗಾನರಸಿಂಹಸ್ವಾಮಿ ದೇವಸ್ಥಾನ: ಷಷ್ಠಿ ಪ್ರಯುಕ್ತ ವಿಶೇಷ ಪೂಜೆ, ಪ್ರವಚನ, ಸ್ಥಳ: ವಿಜಯನಗರ, ಬೆಳಗ್ಗೆ 10.30ಕ್ಕೆ.
ಮೈಸೂರು ವಿಶ್ವವಿದ್ಯಾನಿಲಯ: ಡಾ.ಬಿ.ಆರ್.ಅಂಬೇಡ್ಕರ್ ಸಂಶೋಧನಾ ಮತ್ತು ವಿಸ್ತರಣಾ ಕೇಂದ್ರ, ಸಂವಿಧಾನ ದಿನಾಚರಣೆ ಅಂಗವಾಗಿ ಭಾರತದ ಸಂವಿಧಾನ ಕುರಿತು ವಿಶೇಷ ಉಪನ್ಯಾಸ, ಸ್ಥಳ: ಮಾನಸಗಂಗೋತ್ರಿ, ಬೆಳಗ್ಗೆ 10.30ಕ್ಕೆ.
ಕರ್ನಾಟಕ ರಾಜ್ಯ ಡಾ. ಗಂಗೂಬಾಯಿ ಹಾನಗಲ್ ಸಂಗೀತ ಮತ್ತು ಪ್ರದರ್ಶಕ ಕಲೆಗಳ ವಿಶ್ವವಿದ್ಯಾನಿಲಯ: ಸಂವಿಧಾನ ಸಮರ್ಪಣಾ ದಿನಾಚರಣೆ, ಮುಖ್ಯ ಅತಿಥಿ: ಕುಲಪತಿ ಪ್ರೊ. ನಾಗೇಶ್ ವಿ. ಬೆಟ್ಟಕೋಟೆ, ಸ್ಥಳ: ವಿವಿ ಸಭಾಂಗಣ, ಬೆಳಗ್ಗೆ 11ಕ್ಕೆ.
ಕರ್ನಾಟಕ ರಾಜ್ಯ ಮುಕ್ತ ವಿಶ್ವವಿದ್ಯಾನಿಲಯ: ಸಂವಿಧಾನ ದಿನಾಚರಣೆ, ಮುಖ್ಯ ಅತಿಥಿ: ಪ್ರೊ. ಮುಜಾಫರ್ ಅಸ್ಸಾದಿ, ಅಧ್ಯಕ್ಷತೆ: ಕುಲಪತಿ ಪ್ರೊ. ಶರಣಪ್ಪ ವಿ. ಹಲಸೆ, ಸ್ಥಳ: ಘಟಿಕೋತ್ಸವ ಭವನ, ಬೆಳಗ್ಗೆ 11ಕ್ಕೆ.
ಮೈಸೂರು ಜಿಲ್ಲಾ ಕಾಂಗ್ರೆಸ್ ಸಮಿತಿ : ಭಾರತ ಸಂವಿಧಾನ ದಿನ ಆಚರಣೆ, ಮುಖ್ಯ ಅತಿಥಿಗಳು: ಶಾಸಕ ತನ್ವೀರ್ ಸೇಠ್, ಅಧ್ಯಕ್ಷತೆ: ಜಿಲ್ಲಾಧ್ಯಕ್ಷ ಡಾ. ಬಿ.ಜೆ. ವಿಜಯಕುಮಾರ್, ಸ್ಥಳ: ಕಾಂಗ್ರೆಸ್ ಭವನ, ಬೆಳಗ್ಗೆ 11.30ಕ್ಕೆ.
ಮೈಸೂರು ವಿವಿ ಕುವೆಂಪು ಕನ್ನಡ ಅಧ್ಯಯನ ಸಂಸ್ಥೆ: ಸಂವಿಧಾನ ದಿನ, ಕನ್ನಡ ಚಳುವಳಿ ಕುರಿತು ಉಪನ್ಯಾಸ, ಅಧ್ಯಕ್ಷತೆ: ಕುವೆಂಪು ಕನ್ನಡ ಅಧ್ಯಯನ ಸಂಸ್ಥೆಯ ನಿರ್ದೇಶಕ ಡಾ. ಎಸ್.ಜೆ. ಲೋಹಿತ್, ಸ್ಥಳ: ಕುವೆಂಪು ಕನ್ನಡ ಅಧ್ಯಯನ ಸಂಸ್ಥೆ.
ಸಂಸ್ಕೃತಿ ಚಿಂತಕ ಬಳಗ: ಸಂಸ್ಕೃತ ಸಂಜೆ ಕಾರ್ಯಕ್ರಮ, ಪ್ರವಚನ ಮತ್ತು ಸಂಸ್ಕೃತಿ ಉಪನ್ಯಾಸ, ಸ್ಥಳ: ಜೆ.ಎಲ್.ಬಿ. ರಸ್ತೆ, ಸಂಜೆ 5ಕ್ಕೆ.
ಶ್ರೀ ದಿವ್ಯಲಿಂಗೇಶ್ವರ ಸ್ವಾಮಿ ದೇವಸ್ಥಾನ: ಷಷ್ಠಿ ಅಂಗವಾಗಿ ವಿಶೇಷ ಪೂಜಾ ಕಾರ್ಯಕ್ರಮ, ಬೆಳಗ್ಗಿನಿಂದ ಮಹಾಗಣಪತಿ ಪೂಜೆ, ಪುಣ್ಯಾಹ, ನಾಗದೇವರ ಪೂಜೆ, ಸುಬ್ರಹ್ಮಣ್ಯ ಸ್ವಾಮಿಗೆ ಅಭಿಷೇಕ, ಅಲಂಕಾರ, ಸ್ಥಳ: ಅಗ್ರಹಾರ, ಬೆಳಗ್ಗೆ 6 ರಿಂದ.
ಮೈಸೂರು ರಾಯಲ್ ರೋಟರಿ : ವಾರ್ಷಿಕೋತ್ಸವ ಮತ್ತು ಸಂವಿಧಾನ ದಿನಾಚರಣೆ ಪ್ರಯುಕ್ತ ಅಭಿನಂದನಾ ಕಾರ್ಯಕ್ರಮ, ಸ್ಥಳ: ರೋಟರಿ ಭವನ, ಸಂಜೆ 6.30ಕ್ಕೆ.
ಜೆಎಸ್‌ಎಸ್ ಪ್ರಸಾದ ನಿಲಯಗಳ ಹಿರಿಯ ವಿದ್ಯಾರ್ಥಿಗಳ ಸಂಘ: ಸ್ಥಳ: ಸುತ್ತೂರು ಮಠ, ಅಧ್ಯಕ್ಷತೆ: ಪ್ರೊ. ಕೆ.ಬಿ. ಪ್ರಭುಪ್ರಸಾದ್, ಸಂಜೆ 6ಕ್ಕೆ.
ವನಂಚಿತ ಪ್ರದರ್ಶಕ ಕಲೆಗಳ ಕೇಂದ್ರ, ಮೈಸೂರು: ವನರಂಗೋತ್ಸವ-2025, 4ನೇ ದಿನ, ನಾಟಕ ಪ್ರದರ್ಶನ, ಸ್ಥಳ: ವನರಂಗ, ಸಂಜೆ 6.30ಕ್ಕೆ.
ಸಾರಂಗ: ಸಂವಿಧಾನ ದಿನಾಚರಣೆ ಅಂಗವಾಗಿ ಸಂವಿಧಾನ ಕುರಿತು ವಿಶೇಷ ಉಪನ್ಯಾಸ, ಸ್ಥಳ: ಕಲಾಮಂದಿರ, ಸಂಜೆ 6ಕ್ಕೆ.
ಸಂಚಲನ ಪ್ರಕಾಶನ, ಮೈಸೂರು ಜಿಲ್ಲಾ ಲೇಖಕರ ಸಂಘ: ಪುಸ್ತಕ ಬಿಡುಗಡೆ ಸಮಾರಂಭ, ಸ್ಥಳ: ನಗರದ ಕನ್ನಡ ಸಾಹಿತ್ಯ ಭವನ, ಸಂಜೆ 5.30ಕ್ಕೆ.
ಸದ್ವಿದ್ಯಾ ಲಲಿತಕಲಾ ಅಕಾಡೆಮಿ: ನೃತ್ಯ ಸಂಜೆ ಕಾರ್ಯಕ್ರಮ, ಸ್ಥಳ: ಸದ್ವಿದ್ಯಾ ಶಾಲೆ, ಸಂಜೆ 6ಕ್ಕೆ.
ಕಲಾಸ್ಪಂದನ : ಕರ್ನಾಟಕ ಸಂಗೀತ ಕಛೇರಿ, ಸ್ಥಳ: ಜಗನ್ಮೋಹನ ಅರಮನೆ, ಸಂಜೆ 6 ರಿಂದ.
